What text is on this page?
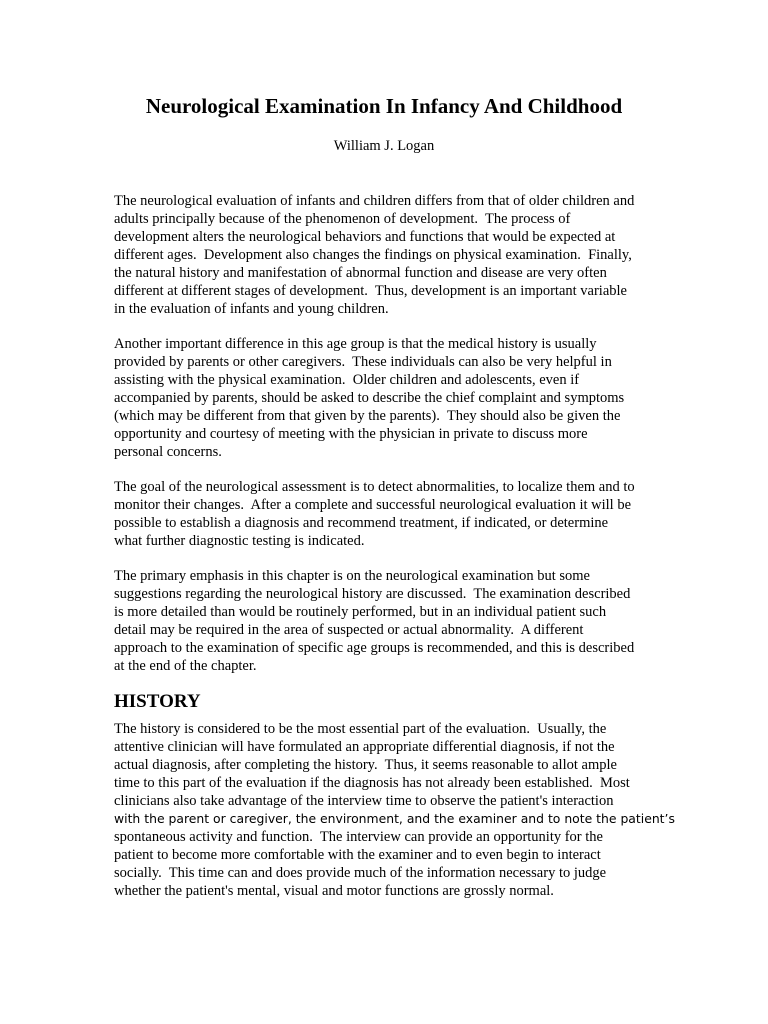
Neurological Examination In Infancy And Childhood

William J. Logan

The neurological evaluation of infants and children differs from that of older children and
adults principally because of the phenomenon of development.  The process of
development alters the neurological behaviors and functions that would be expected at
different ages.  Development also changes the findings on physical examination.  Finally,
the natural history and manifestation of abnormal function and disease are very often
different at different stages of development.  Thus, development is an important variable
in the evaluation of infants and young children.

Another important difference in this age group is that the medical history is usually
provided by parents or other caregivers.  These individuals can also be very helpful in
assisting with the physical examination.  Older children and adolescents, even if
accompanied by parents, should be asked to describe the chief complaint and symptoms
(which may be different from that given by the parents).  They should also be given the
opportunity and courtesy of meeting with the physician in private to discuss more
personal concerns.

The goal of the neurological assessment is to detect abnormalities, to localize them and to
monitor their changes.  After a complete and successful neurological evaluation it will be
possible to establish a diagnosis and recommend treatment, if indicated, or determine
what further diagnostic testing is indicated.

The primary emphasis in this chapter is on the neurological examination but some
suggestions regarding the neurological history are discussed.  The examination described
is more detailed than would be routinely performed, but in an individual patient such
detail may be required in the area of suspected or actual abnormality.  A different
approach to the examination of specific age groups is recommended, and this is described
at the end of the chapter.

HISTORY

The history is considered to be the most essential part of the evaluation.  Usually, the
attentive clinician will have formulated an appropriate differential diagnosis, if not the
actual diagnosis, after completing the history.  Thus, it seems reasonable to allot ample
time to this part of the evaluation if the diagnosis has not already been established.  Most
clinicians also take advantage of the interview time to observe the patient's interaction
with the parent or caregiver, the environment, and the examiner and to note the patient’s
spontaneous activity and function.  The interview can provide an opportunity for the
patient to become more comfortable with the examiner and to even begin to interact
socially.  This time can and does provide much of the information necessary to judge
whether the patient's mental, visual and motor functions are grossly normal.
